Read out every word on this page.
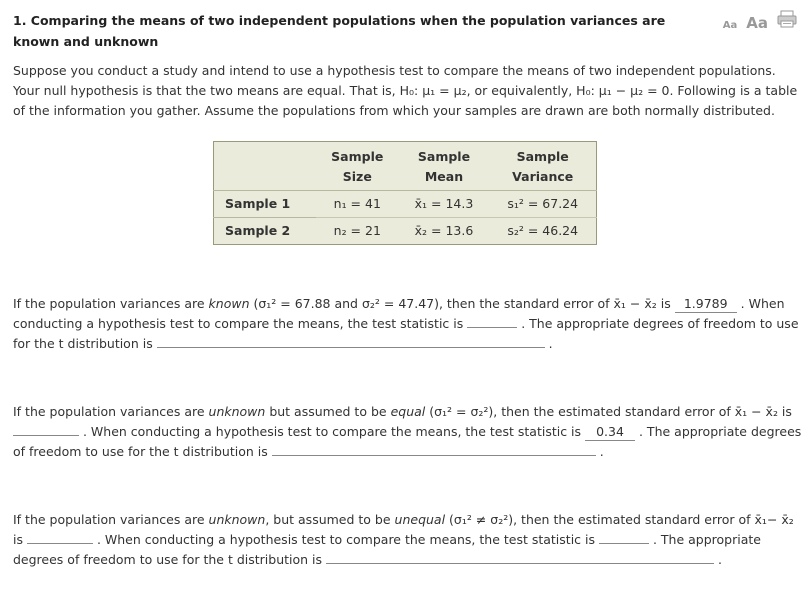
1. Comparing the means of two independent populations when the population variances are known and unknown
Aa Aa
Suppose you conduct a study and intend to use a hypothesis test to compare the means of two independent populations. Your null hypothesis is that the two means are equal. That is, H₀: μ₁ = μ₂, or equivalently, H₀: μ₁ − μ₂ = 0. Following is a table of the information you gather. Assume the populations from which your samples are drawn are both normally distributed.
	Sample	Sample	Sample
	Size	Mean	Variance
Sample 1	n₁ = 41	x̄₁ = 14.3	s₁² = 67.24
Sample 2	n₂ = 21	x̄₂ = 13.6	s₂² = 46.24
If the population variances are known (σ₁² = 67.88 and σ₂² = 47.47), then the standard error of x̄₁ − x̄₂ is 1.9789 . When conducting a hypothesis test to compare the means, the test statistic is	. The appropriate degrees of freedom to use for the t distribution is	.
If the population variances are unknown but assumed to be equal (σ₁² = σ₂²), then the estimated standard error of x̄₁ − x̄₂ is  . When conducting a hypothesis test to compare the means, the test statistic is 0.34 . The appropriate degrees of freedom to use for the t distribution is	.
If the population variances are unknown, but assumed to be unequal (σ₁² ≠ σ₂²), then the estimated standard error of x̄₁− x̄₂ is	. When conducting a hypothesis test to compare the means, the test statistic is	. The appropriate degrees of freedom to use for the t distribution is	.
